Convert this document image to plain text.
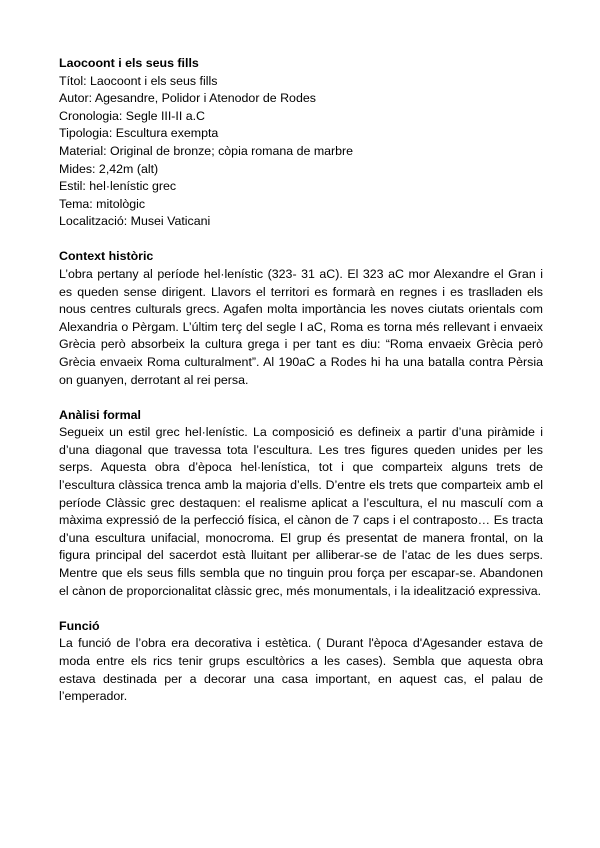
Laocoont i els seus fills

Títol: Laocoont i els seus fills

Autor: Agesandre, Polidor i Atenodor de Rodes

Cronologia: Segle III-II a.C

Tipologia: Escultura exempta

Material: Original de bronze; còpia romana de marbre

Mides: 2,42m (alt)

Estil: hel·lenístic grec

Tema: mitològic

Localització: Musei Vaticani

Context històric

L’obra pertany al període hel·lenístic (323- 31 aC). El 323 aC mor Alexandre el Gran i es queden sense dirigent. Llavors el territori es formarà en regnes i es traslladen els nous centres culturals grecs. Agafen molta importància les noves ciutats orientals com Alexandria o Pèrgam. L’últim terç del segle I aC, Roma es torna més rellevant i envaeix Grècia però absorbeix la cultura grega i per tant es diu: “Roma envaeix Grècia però Grècia envaeix Roma culturalment”. Al 190aC a Rodes hi ha una batalla contra Pèrsia on guanyen, derrotant al rei persa.

Anàlisi formal

Segueix un estil grec hel·lenístic. La composició es defineix a partir d’una piràmide i d’una diagonal que travessa tota l’escultura. Les tres figures queden unides per les serps. Aquesta obra d’època hel·lenística, tot i que comparteix alguns trets de l’escultura clàssica trenca amb la majoria d’ells. D’entre els trets que comparteix amb el període Clàssic grec destaquen: el realisme aplicat a l’escultura, el nu masculí com a màxima expressió de la perfecció física, el cànon de 7 caps i el contraposto… Es tracta d’una escultura unifacial, monocroma. El grup és presentat de manera frontal, on la figura principal del sacerdot està lluitant per alliberar-se de l’atac de les dues serps. Mentre que els seus fills sembla que no tinguin prou força per escapar-se. Abandonen el cànon de proporcionalitat clàssic grec, més monumentals, i la idealització expressiva.

Funció

La funció de l’obra era decorativa i estètica. ( Durant l'època d'Agesander estava de moda entre els rics tenir grups escultòrics a les cases). Sembla que aquesta obra estava destinada per a decorar una casa important, en aquest cas, el palau de l’emperador.
